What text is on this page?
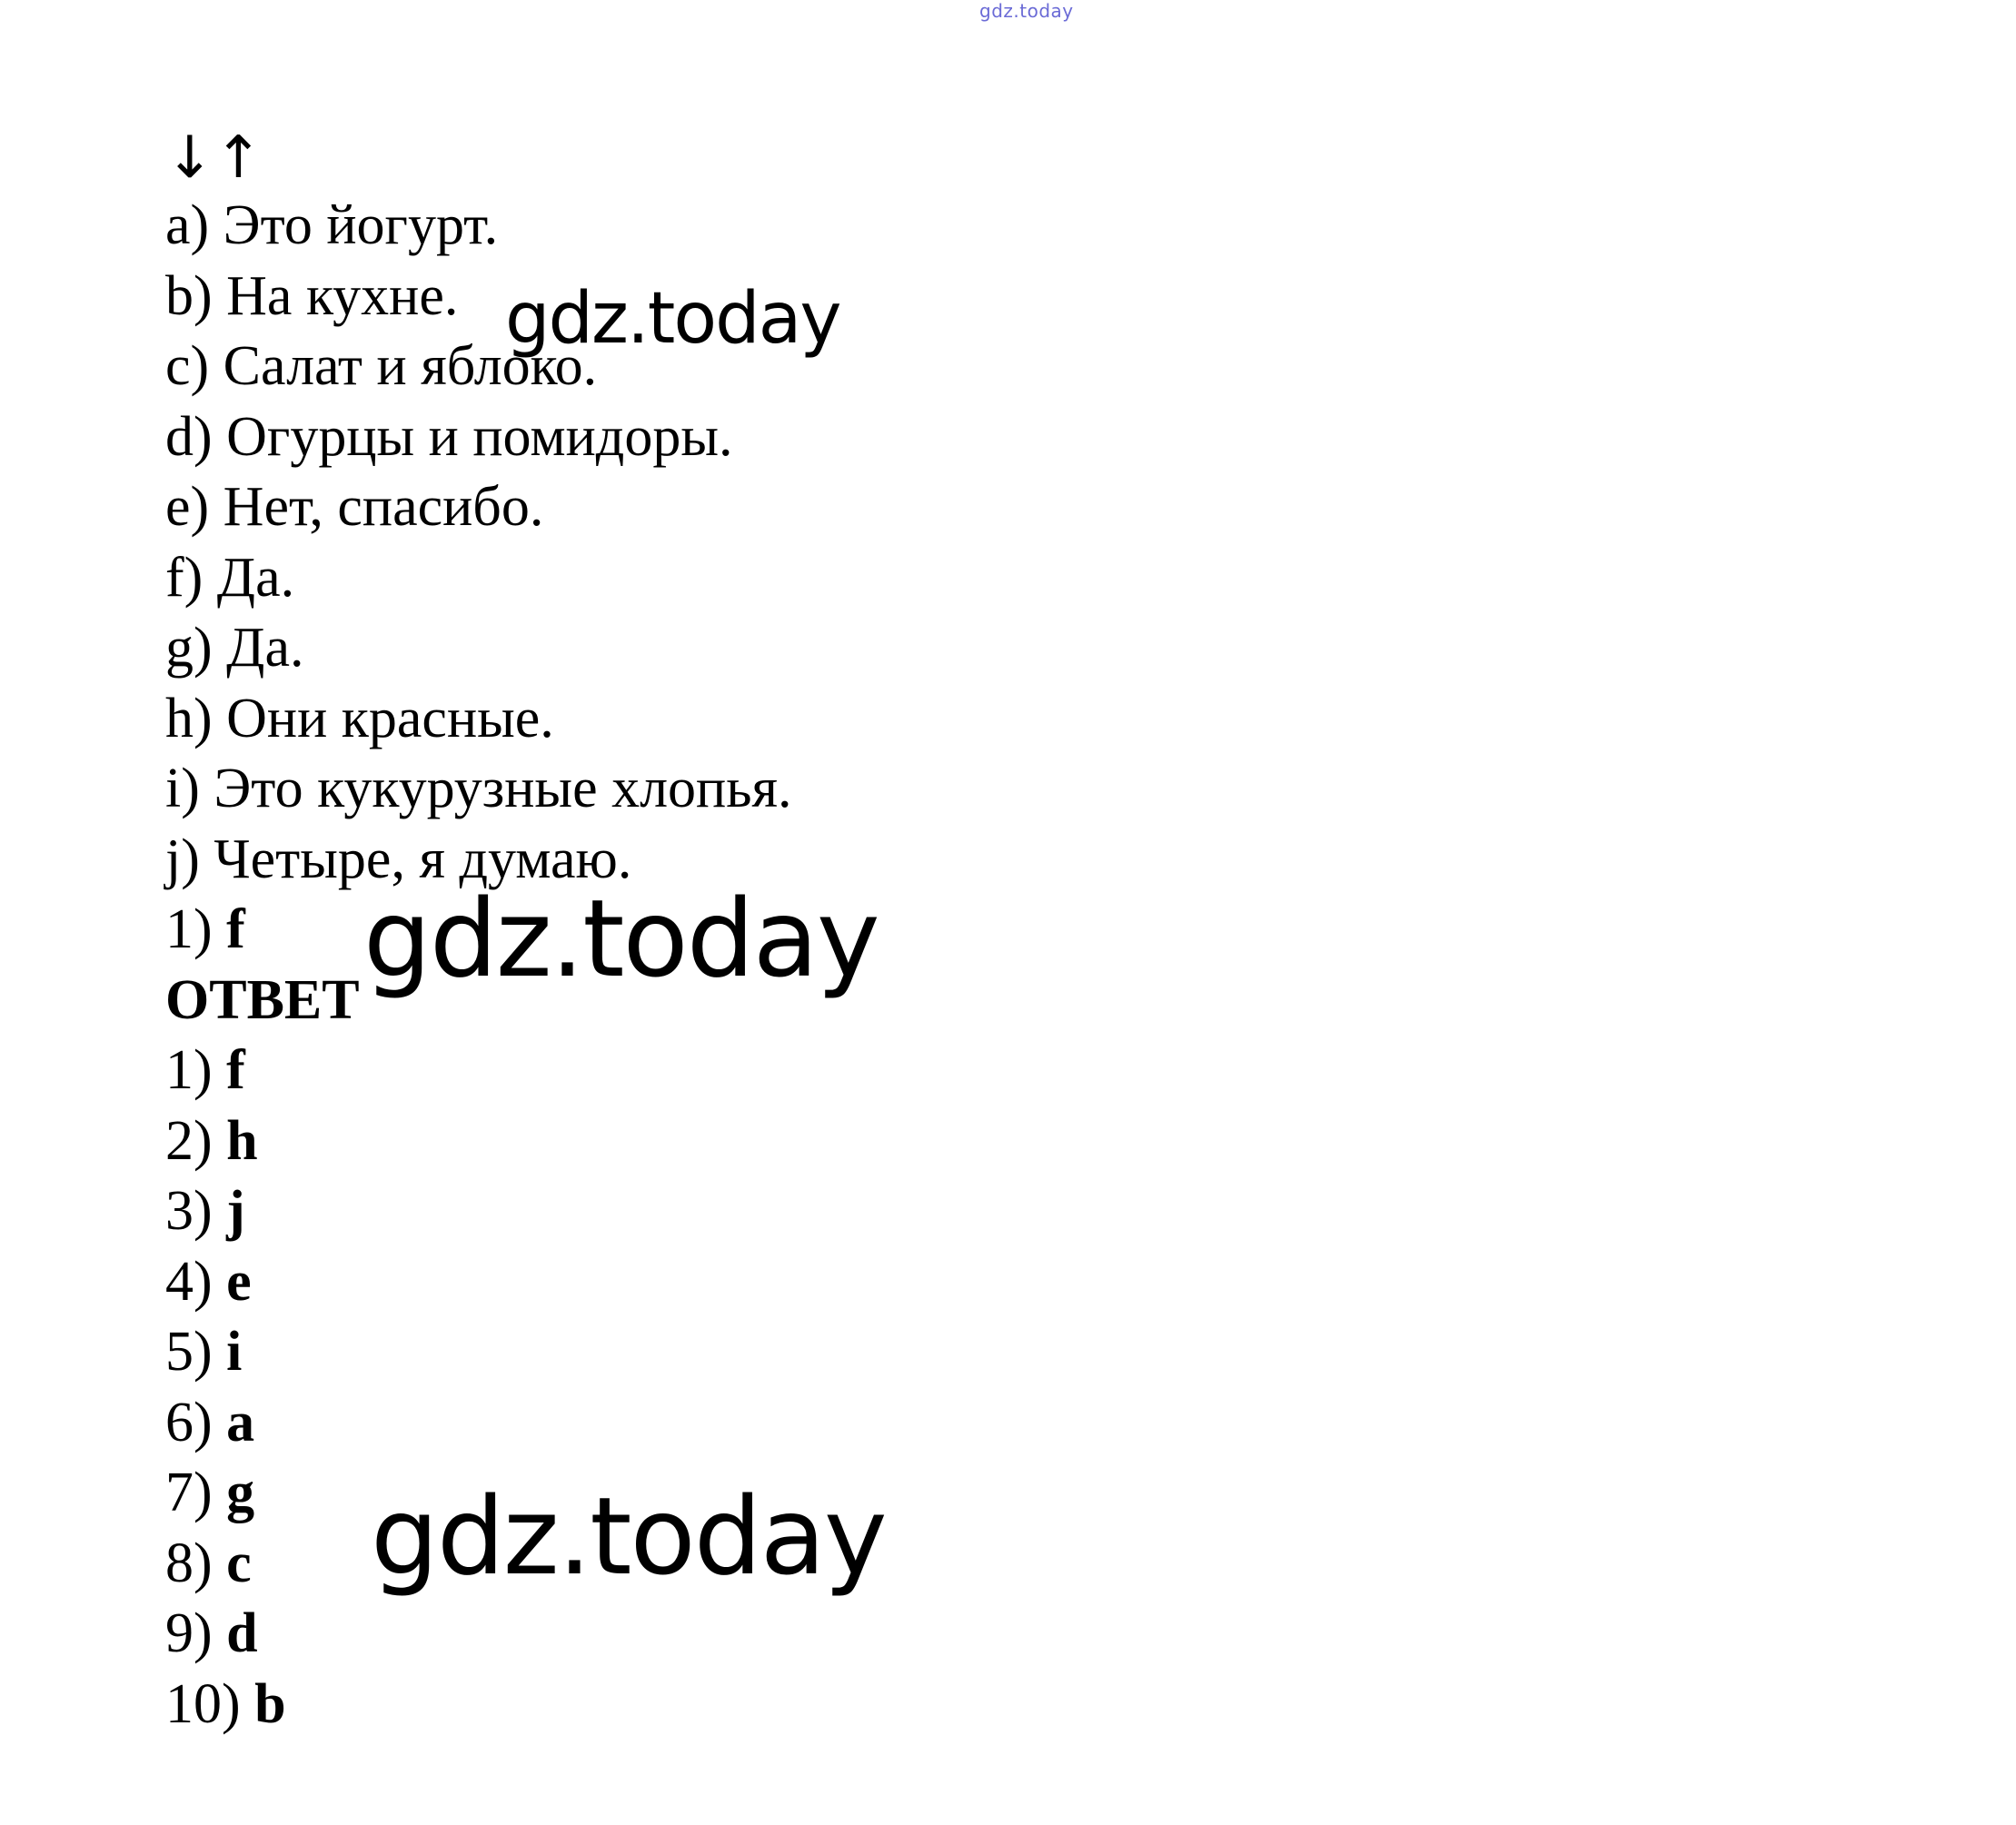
gdz.today
↓↑
a) Это йогурт.
b) На кухне.
c) Салат и яблоко.
d) Огурцы и помидоры.
e) Нет, спасибо.
f) Да.
g) Да.
h) Они красные.
i) Это кукурузные хлопья.
j) Четыре, я думаю.
1) f
ОТВЕТ
1) f
2) h
3) j
4) e
5) i
6) a
7) g
8) c
9) d
10) b
gdz.today
gdz.today
gdz.today
